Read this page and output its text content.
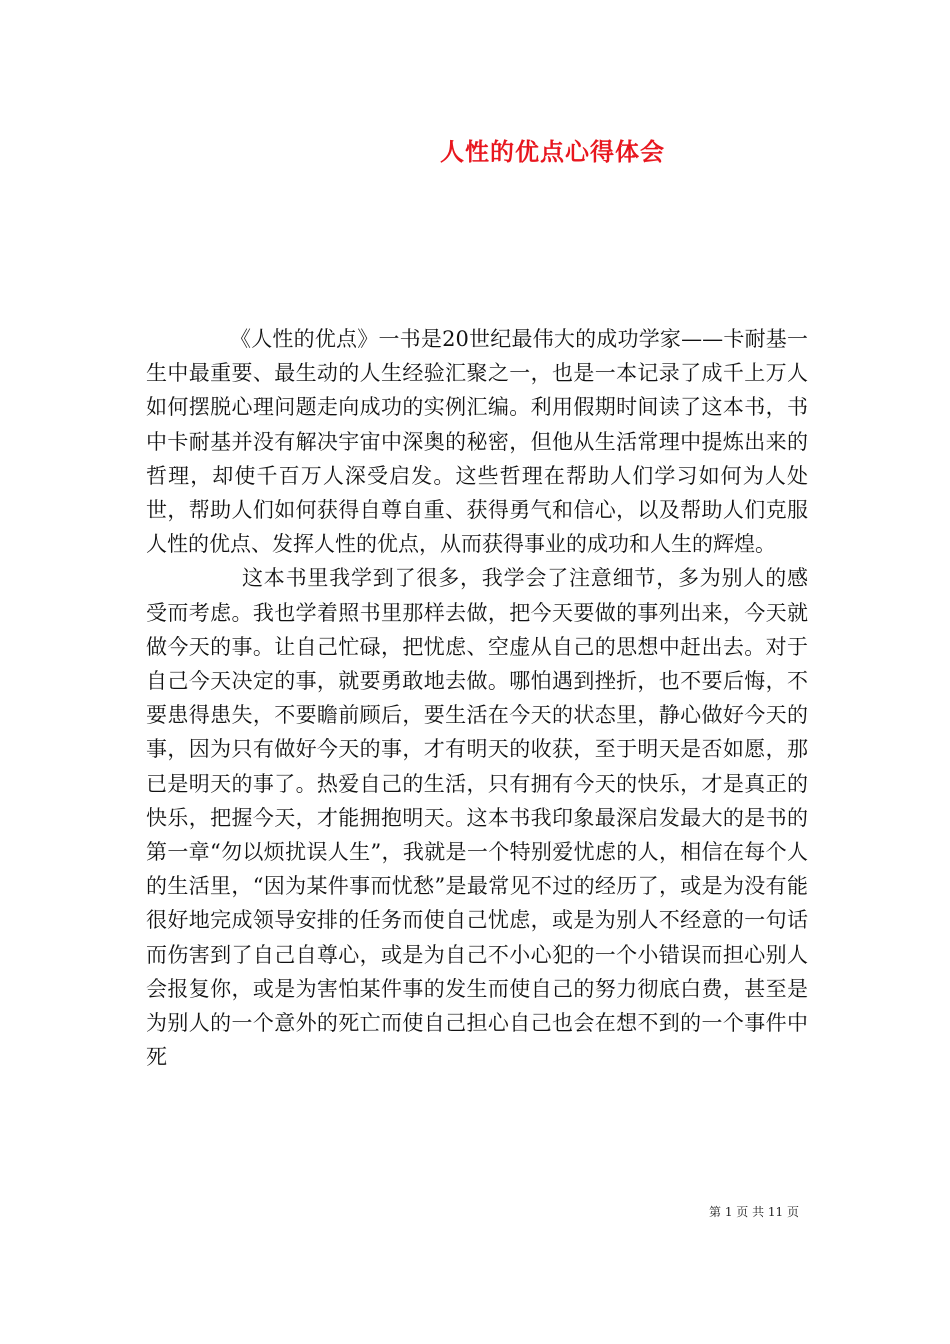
人性的优点心得体会

《人性的优点》一书是20世纪最伟大的成功学家——卡耐基一生中最重要、最生动的人生经验汇聚之一，也是一本记录了成千上万人如何摆脱心理问题走向成功的实例汇编。利用假期时间读了这本书，书中卡耐基并没有解决宇宙中深奥的秘密，但他从生活常理中提炼出来的哲理，却使千百万人深受启发。这些哲理在帮助人们学习如何为人处世，帮助人们如何获得自尊自重、获得勇气和信心，以及帮助人们克服人性的优点、发挥人性的优点，从而获得事业的成功和人生的辉煌。

这本书里我学到了很多，我学会了注意细节，多为别人的感受而考虑。我也学着照书里那样去做，把今天要做的事列出来，今天就做今天的事。让自己忙碌，把忧虑、空虚从自己的思想中赶出去。对于自己今天决定的事，就要勇敢地去做。哪怕遇到挫折，也不要后悔，不要患得患失，不要瞻前顾后，要生活在今天的状态里，静心做好今天的事，因为只有做好今天的事，才有明天的收获，至于明天是否如愿，那已是明天的事了。热爱自己的生活，只有拥有今天的快乐，才是真正的快乐，把握今天，才能拥抱明天。这本书我印象最深启发最大的是书的第一章“勿以烦扰误人生”，我就是一个特别爱忧虑的人，相信在每个人的生活里，“因为某件事而忧愁”是最常见不过的经历了，或是为没有能很好地完成领导安排的任务而使自己忧虑，或是为别人不经意的一句话而伤害到了自己自尊心，或是为自己不小心犯的一个小错误而担心别人会报复你，或是为害怕某件事的发生而使自己的努力彻底白费，甚至是为别人的一个意外的死亡而使自己担心自己也会在想不到的一个事件中死

第 1 页 共 11 页
